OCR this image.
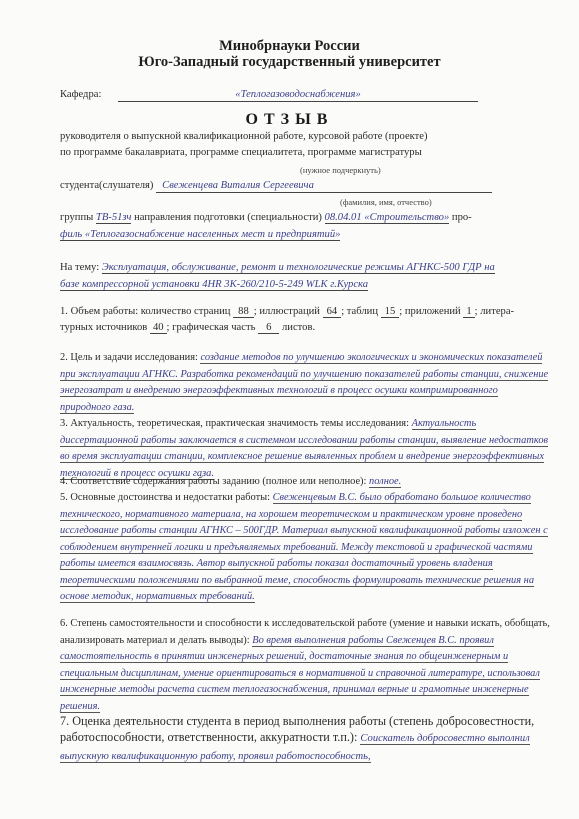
Минобрнауки России
Юго-Западный государственный университет
Кафедра:	«Теплогазоводоснабжения»
ОТЗЫВ
руководителя о выпускной квалификационной работе, курсовой работе (проекте)
по программе бакалавриата, программе специалитета, программе магистратуры
(нужное подчеркнуть)
студента(слушателя) Свеженцева Виталия Сергеевича
(фамилия, имя, отчество)
группы ТВ-51зч направления подготовки (специальности) 08.04.01 «Строительство» про-
филь «Теплогазоснабжение населенных мест и предприятий»
На тему: Эксплуатация, обслуживание, ремонт и технологические режимы АГНКС-500 ГДР на
базе компрессорной установки 4HR 3K-260/210-5-249 WLK г.Курска
1. Объем работы: количество страниц 88 ; иллюстраций 64 ; таблиц 15 ; приложений 1 ; литера-
турных источников 40 ; графическая часть 6 листов.
2. Цель и задачи исследования: создание методов по улучшению экологических и экономических показателей при эксплуатации АГНКС. Разработка рекомендаций по улучшению показателей работы станции, снижение энергозатрат и внедрению энергоэффективных технологий в процесс осушки компримированного природного газа.
3. Актуальность, теоретическая, практическая значимость темы исследования: Актуальность диссертационной работы заключается в системном исследовании работы станции, выявление недостатков во время эксплуатации станции, комплексное решение выявленных проблем и внедрение энергоэффективных технологий в процесс осушки газа.
4. Соответствие содержания работы заданию (полное или неполное): полное.
5. Основные достоинства и недостатки работы: Свеженцевым В.С. было обработано большое количество технического, нормативного материала, на хорошем теоретическом и практическом уровне проведено исследование работы станции АГНКС – 500ГДР. Материал выпускной квалификационной работы изложен с соблюдением внутренней логики и предъявляемых требований. Между текстовой и графической частями работы имеется взаимосвязь. Автор выпускной работы показал достаточный уровень владения теоретическими положениями по выбранной теме, способность формулировать технические решения на основе методик, нормативных требований.
6. Степень самостоятельности и способности к исследовательской работе (умение и навыки искать, обобщать, анализировать материал и делать выводы): Во время выполнения работы Свеженцев В.С. проявил самостоятельность в принятии инженерных решений, достаточные знания по общеинженерным и специальным дисциплинам, умение ориентироваться в нормативной и справочной литературе, использовал инженерные методы расчета систем теплогазоснабжения, принимал верные и грамотные инженерные решения.
7. Оценка деятельности студента в период выполнения работы (степень добросовестности, работоспособности, ответственности, аккуратности т.п.): Соискатель добросовестно выполнил выпускную квалификационную работу, проявил работоспособность,
